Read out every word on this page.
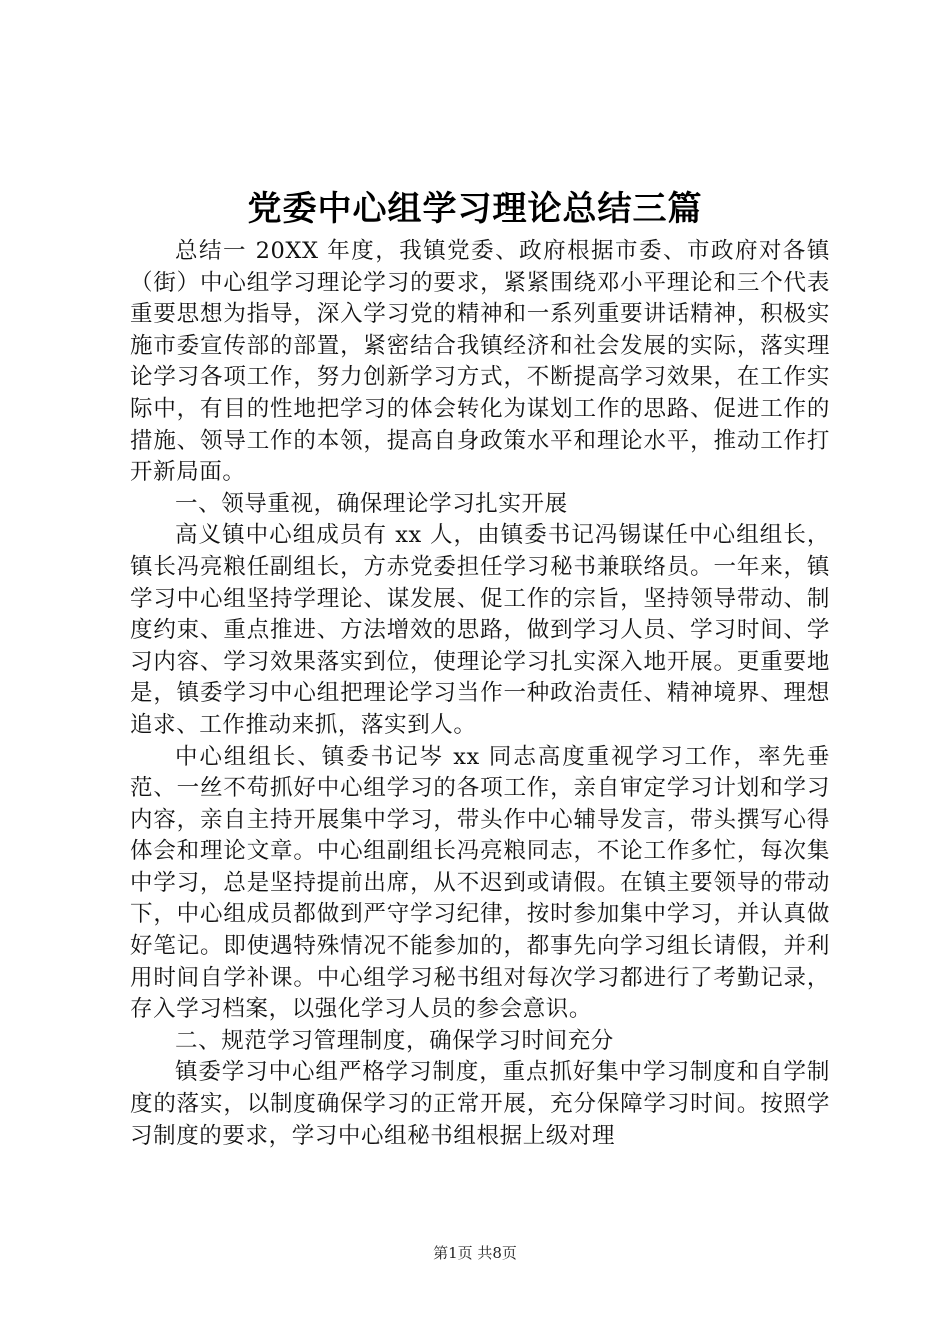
党委中心组学习理论总结三篇

总结一 20XX 年度，我镇党委、政府根据市委、市政府对各镇（街）中心组学习理论学习的要求，紧紧围绕邓小平理论和三个代表重要思想为指导，深入学习党的精神和一系列重要讲话精神，积极实施市委宣传部的部置，紧密结合我镇经济和社会发展的实际，落实理论学习各项工作，努力创新学习方式，不断提高学习效果，在工作实际中，有目的性地把学习的体会转化为谋划工作的思路、促进工作的措施、领导工作的本领，提高自身政策水平和理论水平，推动工作打开新局面。

一、领导重视，确保理论学习扎实开展

高义镇中心组成员有 xx 人，由镇委书记冯锡谋任中心组组长，镇长冯亮粮任副组长，方赤党委担任学习秘书兼联络员。一年来，镇学习中心组坚持学理论、谋发展、促工作的宗旨，坚持领导带动、制度约束、重点推进、方法增效的思路，做到学习人员、学习时间、学习内容、学习效果落实到位，使理论学习扎实深入地开展。更重要地是，镇委学习中心组把理论学习当作一种政治责任、精神境界、理想追求、工作推动来抓，落实到人。

中心组组长、镇委书记岑 xx 同志高度重视学习工作，率先垂范、一丝不苟抓好中心组学习的各项工作，亲自审定学习计划和学习内容，亲自主持开展集中学习，带头作中心辅导发言，带头撰写心得体会和理论文章。中心组副组长冯亮粮同志，不论工作多忙，每次集中学习，总是坚持提前出席，从不迟到或请假。在镇主要领导的带动下，中心组成员都做到严守学习纪律，按时参加集中学习，并认真做好笔记。即使遇特殊情况不能参加的，都事先向学习组长请假，并利用时间自学补课。中心组学习秘书组对每次学习都进行了考勤记录，存入学习档案，以强化学习人员的参会意识。

二、规范学习管理制度，确保学习时间充分

镇委学习中心组严格学习制度，重点抓好集中学习制度和自学制度的落实，以制度确保学习的正常开展，充分保障学习时间。按照学习制度的要求，学习中心组秘书组根据上级对理

第1页 共8页
